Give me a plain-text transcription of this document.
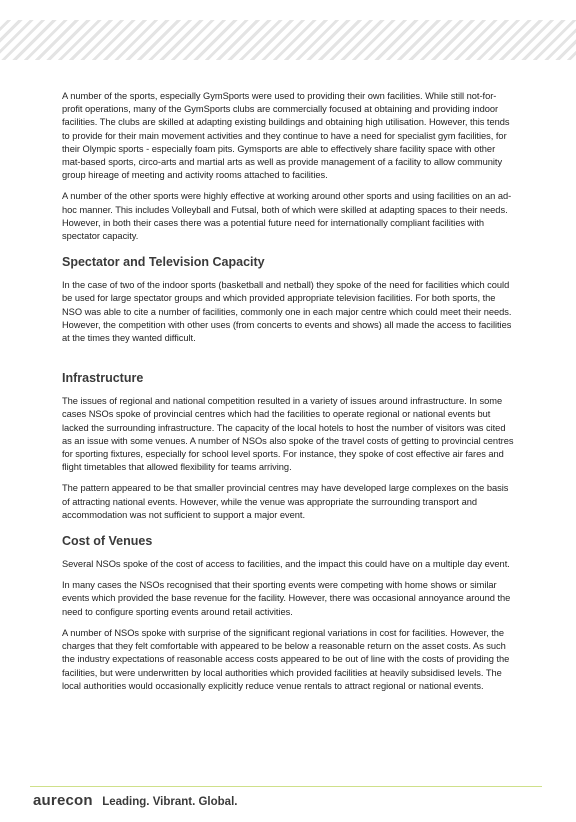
A number of the sports, especially GymSports were used to providing their own facilities. While still not-for-profit operations, many of the GymSports clubs are commercially focused at obtaining and providing indoor facilities. The clubs are skilled at adapting existing buildings and obtaining high utilisation. However, this tends to provide for their main movement activities and they continue to have a need for specialist gym facilities, for their Olympic sports - especially foam pits. Gymsports are able to effectively share facility space with other mat-based sports, circo-arts and martial arts as well as provide management of a facility to allow community group hireage of meeting and activity rooms attached to facilities.

A number of the other sports were highly effective at working around other sports and using facilities on an ad-hoc manner. This includes Volleyball and Futsal, both of which were skilled at adapting spaces to their needs. However, in both their cases there was a potential future need for internationally compliant facilities with spectator capacity.

Spectator and Television Capacity

In the case of two of the indoor sports (basketball and netball) they spoke of the need for facilities which could be used for large spectator groups and which provided appropriate television facilities. For both sports, the NSO was able to cite a number of facilities, commonly one in each major centre which could meet their needs. However, the competition with other uses (from concerts to events and shows) all made the access to facilities at the times they wanted difficult.

Infrastructure

The issues of regional and national competition resulted in a variety of issues around infrastructure. In some cases NSOs spoke of provincial centres which had the facilities to operate regional or national events but lacked the surrounding infrastructure. The capacity of the local hotels to host the number of visitors was cited as an issue with some venues. A number of NSOs also spoke of the travel costs of getting to provincial centres for sporting fixtures, especially for school level sports. For instance, they spoke of cost effective air fares and flight timetables that allowed flexibility for teams arriving.

The pattern appeared to be that smaller provincial centres may have developed large complexes on the basis of attracting national events. However, while the venue was appropriate the surrounding transport and accommodation was not sufficient to support a major event.

Cost of Venues

Several NSOs spoke of the cost of access to facilities, and the impact this could have on a multiple day event.

In many cases the NSOs recognised that their sporting events were competing with home shows or similar events which provided the base revenue for the facility. However, there was occasional annoyance around the need to configure sporting events around retail activities.

A number of NSOs spoke with surprise of the significant regional variations in cost for facilities. However, the charges that they felt comfortable with appeared to be below a reasonable return on the asset costs. As such the industry expectations of reasonable access costs appeared to be out of line with the costs of providing the facilities, but were underwritten by local authorities which provided facilities at heavily subsidised levels. The local authorities would occasionally explicitly reduce venue rentals to attract regional or national events.

aurecon Leading. Vibrant. Global.
